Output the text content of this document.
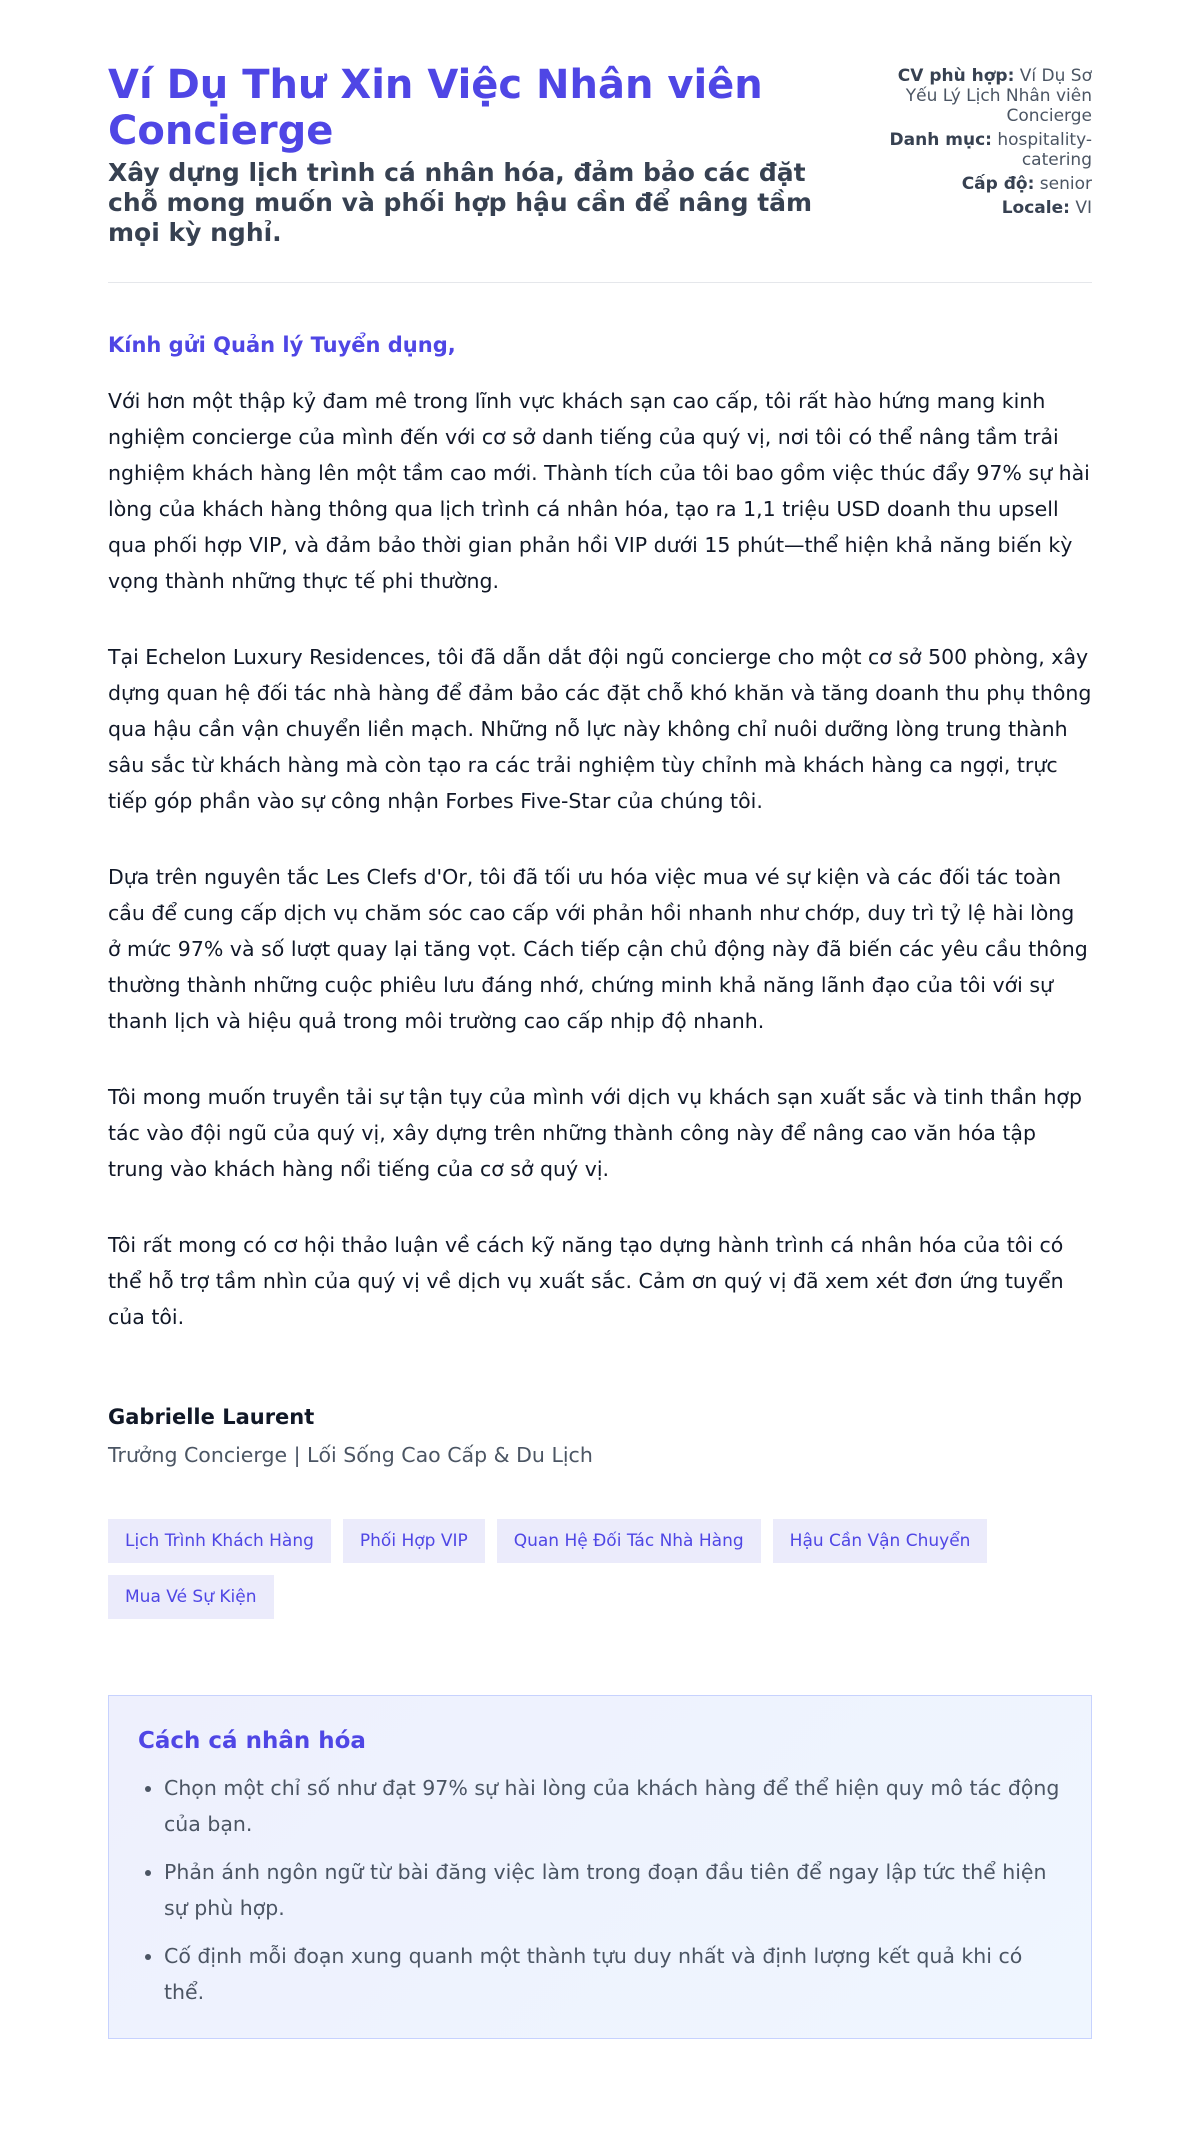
Ví Dụ Thư Xin Việc Nhân viên Concierge
Xây dựng lịch trình cá nhân hóa, đảm bảo các đặt chỗ mong muốn và phối hợp hậu cần để nâng tầm mọi kỳ nghỉ.
CV phù hợp: Ví Dụ Sơ Yếu Lý Lịch Nhân viên Concierge
Danh mục: hospitality-catering
Cấp độ: senior
Locale: VI

Kính gửi Quản lý Tuyển dụng,

Với hơn một thập kỷ đam mê trong lĩnh vực khách sạn cao cấp, tôi rất hào hứng mang kinh nghiệm concierge của mình đến với cơ sở danh tiếng của quý vị, nơi tôi có thể nâng tầm trải nghiệm khách hàng lên một tầm cao mới. Thành tích của tôi bao gồm việc thúc đẩy 97% sự hài lòng của khách hàng thông qua lịch trình cá nhân hóa, tạo ra 1,1 triệu USD doanh thu upsell qua phối hợp VIP, và đảm bảo thời gian phản hồi VIP dưới 15 phút—thể hiện khả năng biến kỳ vọng thành những thực tế phi thường.

Tại Echelon Luxury Residences, tôi đã dẫn dắt đội ngũ concierge cho một cơ sở 500 phòng, xây dựng quan hệ đối tác nhà hàng để đảm bảo các đặt chỗ khó khăn và tăng doanh thu phụ thông qua hậu cần vận chuyển liền mạch. Những nỗ lực này không chỉ nuôi dưỡng lòng trung thành sâu sắc từ khách hàng mà còn tạo ra các trải nghiệm tùy chỉnh mà khách hàng ca ngợi, trực tiếp góp phần vào sự công nhận Forbes Five-Star của chúng tôi.

Dựa trên nguyên tắc Les Clefs d'Or, tôi đã tối ưu hóa việc mua vé sự kiện và các đối tác toàn cầu để cung cấp dịch vụ chăm sóc cao cấp với phản hồi nhanh như chớp, duy trì tỷ lệ hài lòng ở mức 97% và số lượt quay lại tăng vọt. Cách tiếp cận chủ động này đã biến các yêu cầu thông thường thành những cuộc phiêu lưu đáng nhớ, chứng minh khả năng lãnh đạo của tôi với sự thanh lịch và hiệu quả trong môi trường cao cấp nhịp độ nhanh.

Tôi mong muốn truyền tải sự tận tụy của mình với dịch vụ khách sạn xuất sắc và tinh thần hợp tác vào đội ngũ của quý vị, xây dựng trên những thành công này để nâng cao văn hóa tập trung vào khách hàng nổi tiếng của cơ sở quý vị.

Tôi rất mong có cơ hội thảo luận về cách kỹ năng tạo dựng hành trình cá nhân hóa của tôi có thể hỗ trợ tầm nhìn của quý vị về dịch vụ xuất sắc. Cảm ơn quý vị đã xem xét đơn ứng tuyển của tôi.

Gabrielle Laurent
Trưởng Concierge | Lối Sống Cao Cấp & Du Lịch
Lịch Trình Khách Hàng	Phối Hợp VIP	Quan Hệ Đối Tác Nhà Hàng	Hậu Cần Vận Chuyển
Mua Vé Sự Kiện
Cách cá nhân hóa
• Chọn một chỉ số như đạt 97% sự hài lòng của khách hàng để thể hiện quy mô tác động của bạn.
• Phản ánh ngôn ngữ từ bài đăng việc làm trong đoạn đầu tiên để ngay lập tức thể hiện sự phù hợp.
• Cố định mỗi đoạn xung quanh một thành tựu duy nhất và định lượng kết quả khi có thể.
